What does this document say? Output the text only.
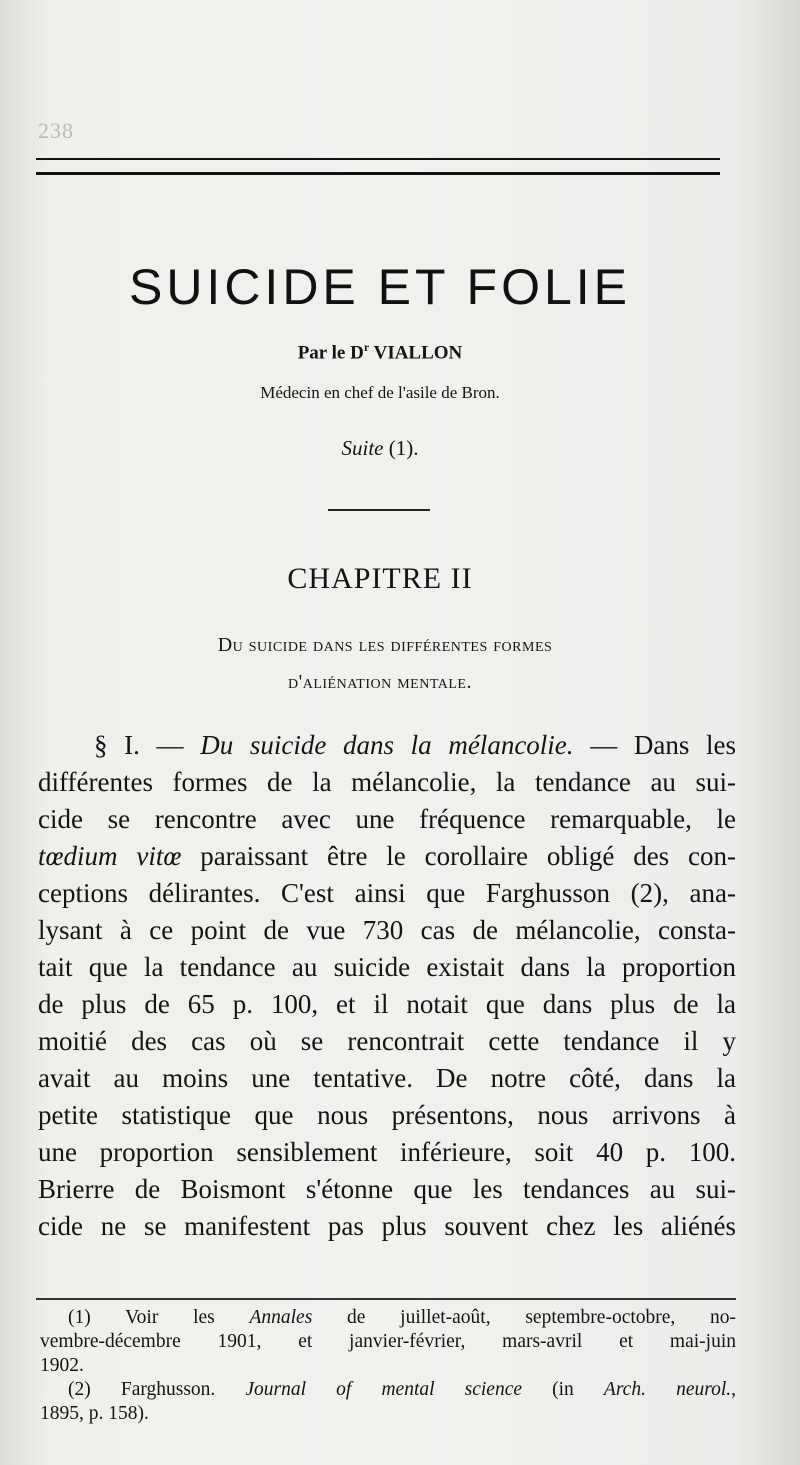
238
SUICIDE ET FOLIE
Par le $D^r$ VIALLON
Médecin en chef de l'asile de Bron.
Suite (1).
CHAPITRE II
Du suicide dans les différentes formes
d'aliénation mentale.
§ I. — Du suicide dans la mélancolie. — Dans les
différentes formes de la mélancolie, la tendance au sui-
cide se rencontre avec une fréquence remarquable, le
tœdium vitœ paraissant être le corollaire obligé des con-
ceptions délirantes. C'est ainsi que Farghusson (2), ana-
lysant à ce point de vue 730 cas de mélancolie, consta-
tait que la tendance au suicide existait dans la proportion
de plus de 65 p. 100, et il notait que dans plus de la
moitié des cas où se rencontrait cette tendance il y
avait au moins une tentative. De notre côté, dans la
petite statistique que nous présentons, nous arrivons à
une proportion sensiblement inférieure, soit 40 p. 100.
Brierre de Boismont s'étonne que les tendances au sui-
cide ne se manifestent pas plus souvent chez les aliénés
(1) Voir les Annales de juillet-août, septembre-octobre, no-
vembre-décembre 1901, et janvier-février, mars-avril et mai-juin
1902.
(2) Farghusson. Journal of mental science (in Arch. neurol.,
1895, p. 158).
